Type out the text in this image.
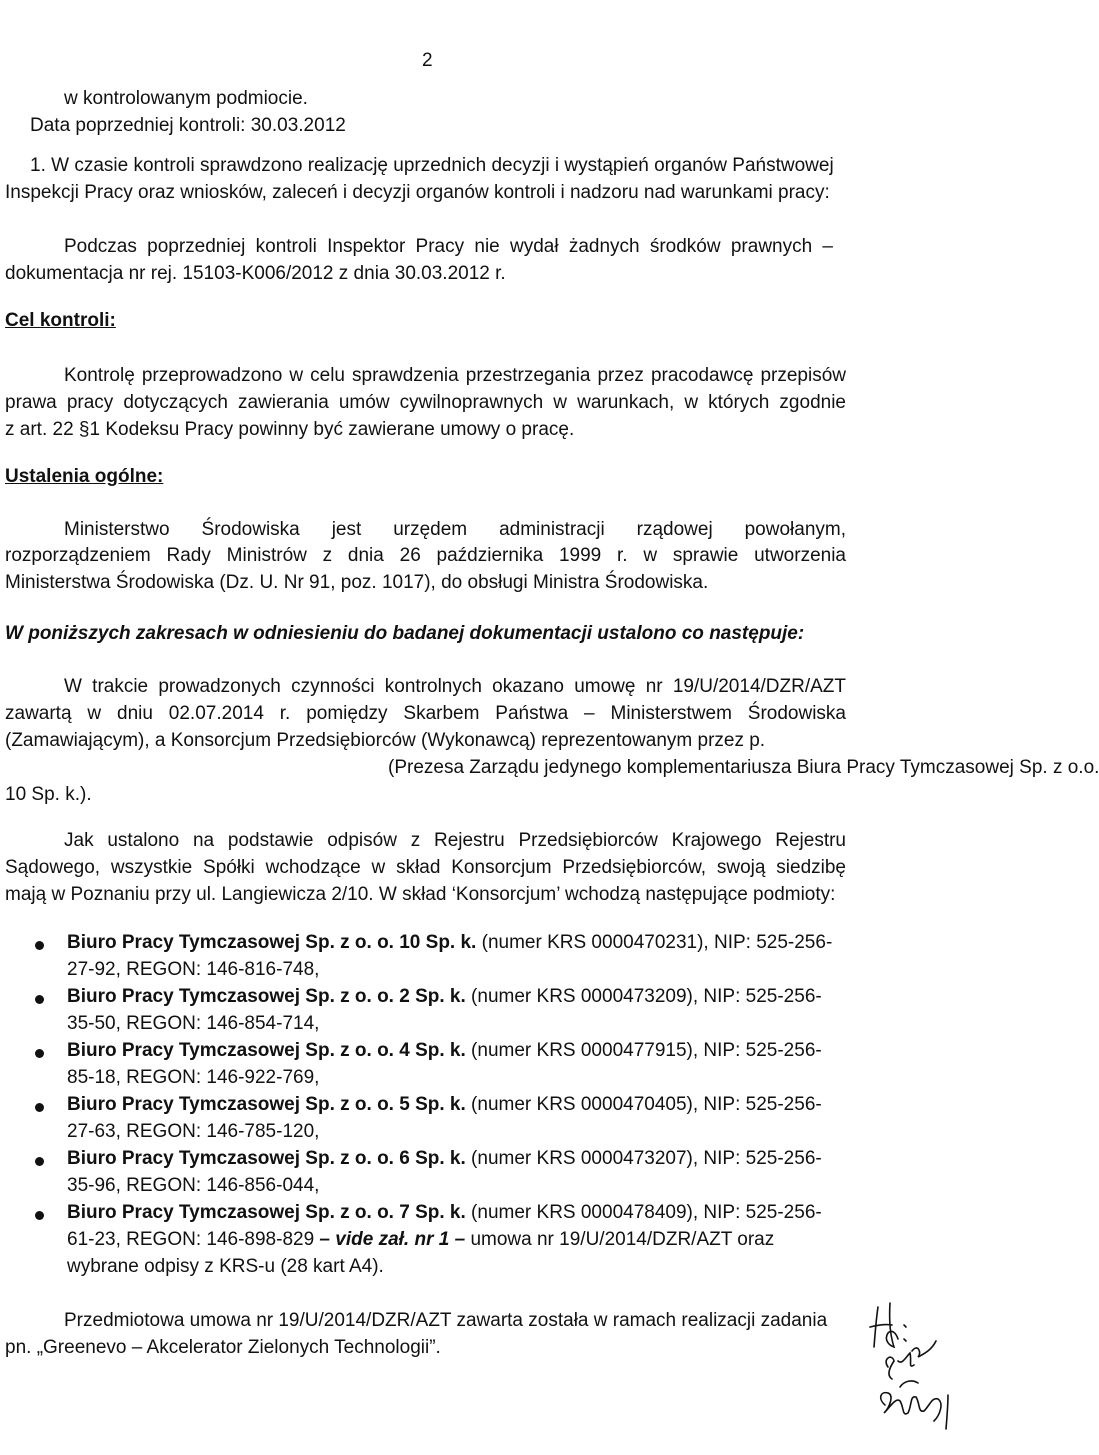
2
w kontrolowanym podmiocie.
Data poprzedniej kontroli: 30.03.2012
1. W czasie kontroli sprawdzono realizację uprzednich decyzji i wystąpień organów Państwowej
Inspekcji Pracy oraz wniosków, zaleceń i decyzji organów kontroli i nadzoru nad warunkami pracy:
Podczas poprzedniej kontroli Inspektor Pracy nie wydał żadnych środków prawnych –
dokumentacja nr rej. 15103-K006/2012 z dnia 30.03.2012 r.
Cel kontroli:
Kontrolę przeprowadzono w celu sprawdzenia przestrzegania przez pracodawcę przepisów
prawa pracy dotyczących zawierania umów cywilnoprawnych w warunkach, w których zgodnie
z art. 22 §1 Kodeksu Pracy powinny być zawierane umowy o pracę.
Ustalenia ogólne:
Ministerstwo Środowiska jest urzędem administracji rządowej powołanym,
rozporządzeniem Rady Ministrów z dnia 26 października 1999 r. w sprawie utworzenia
Ministerstwa Środowiska (Dz. U. Nr 91, poz. 1017), do obsługi Ministra Środowiska.
W poniższych zakresach w odniesieniu do badanej dokumentacji ustalono co następuje:
W trakcie prowadzonych czynności kontrolnych okazano umowę nr 19/U/2014/DZR/AZT
zawartą w dniu 02.07.2014 r. pomiędzy Skarbem Państwa – Ministerstwem Środowiska
(Zamawiającym), a Konsorcjum Przedsiębiorców (Wykonawcą) reprezentowanym przez p.
(Prezesa Zarządu jedynego komplementariusza Biura Pracy Tymczasowej Sp. z o.o.
10 Sp. k.).
Jak ustalono na podstawie odpisów z Rejestru Przedsiębiorców Krajowego Rejestru
Sądowego, wszystkie Spółki wchodzące w skład Konsorcjum Przedsiębiorców, swoją siedzibę
mają w Poznaniu przy ul. Langiewicza 2/10. W skład ‘Konsorcjum’ wchodzą następujące podmioty:
Biuro Pracy Tymczasowej Sp. z o. o. 10 Sp. k. (numer KRS 0000470231), NIP: 525-256-
27-92, REGON: 146-816-748,
Biuro Pracy Tymczasowej Sp. z o. o. 2 Sp. k. (numer KRS 0000473209), NIP: 525-256-
35-50, REGON: 146-854-714,
Biuro Pracy Tymczasowej Sp. z o. o. 4 Sp. k. (numer KRS 0000477915), NIP: 525-256-
85-18, REGON: 146-922-769,
Biuro Pracy Tymczasowej Sp. z o. o. 5 Sp. k. (numer KRS 0000470405), NIP: 525-256-
27-63, REGON: 146-785-120,
Biuro Pracy Tymczasowej Sp. z o. o. 6 Sp. k. (numer KRS 0000473207), NIP: 525-256-
35-96, REGON: 146-856-044,
Biuro Pracy Tymczasowej Sp. z o. o. 7 Sp. k. (numer KRS 0000478409), NIP: 525-256-
61-23, REGON: 146-898-829 – vide zał. nr 1 – umowa nr 19/U/2014/DZR/AZT oraz
wybrane odpisy z KRS-u (28 kart A4).
Przedmiotowa umowa nr 19/U/2014/DZR/AZT zawarta została w ramach realizacji zadania
pn. „Greenevo – Akcelerator Zielonych Technologii”.
